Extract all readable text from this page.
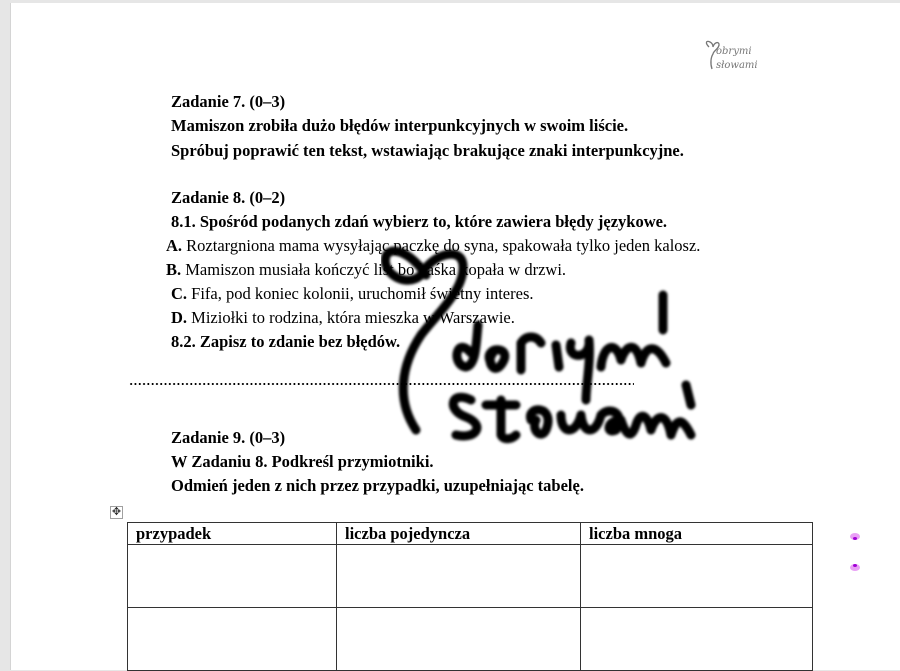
obrymi
słowami
Zadanie 7. (0–3)
Mamiszon zrobiła dużo błędów interpunkcyjnych w swoim liście.
Spróbuj poprawić ten tekst, wstawiając brakujące znaki interpunkcyjne.
Zadanie 8. (0–2)
8.1. Spośród podanych zdań wybierz to, które zawiera błędy językowe.
A. Roztargniona mama wysyłając paczkę do syna, spakowała tylko jeden kalosz.
B. Mamiszon musiała kończyć list bo kaśka kopała w drzwi.
C. Fifa, pod koniec kolonii, uruchomił świetny interes.
D. Miziołki to rodzina, która mieszka w Warszawie.
8.2. Zapisz to zdanie bez błędów.
Zadanie 9. (0–3)
W Zadaniu 8. Podkreśl przymiotniki.
Odmień jeden z nich przez przypadki, uzupełniając tabelę.
✥
przypadek	liczba pojedyncza	liczba mnoga
